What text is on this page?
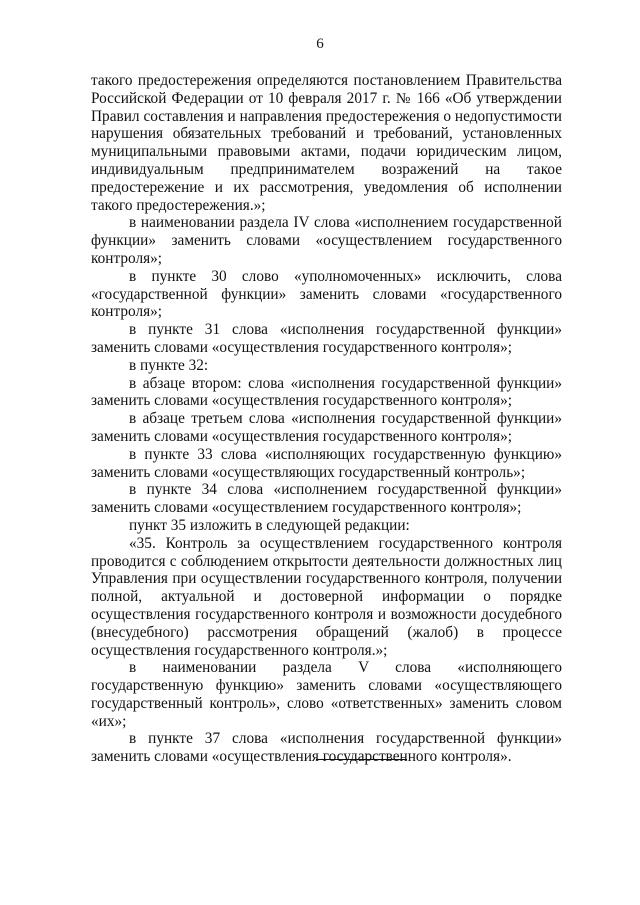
6

такого предостережения определяются постановлением Правительства Российской Федерации от 10 февраля 2017 г. № 166 «Об утверждении Правил составления и направления предостережения о недопустимости нарушения обязательных требований и требований, установленных муниципальными правовыми актами, подачи юридическим лицом, индивидуальным предпринимателем возражений на такое предостережение и их рассмотрения, уведомления об исполнении такого предостережения.»;

в наименовании раздела IV слова «исполнением государственной функции» заменить словами «осуществлением государственного контроля»;

в пункте 30 слово «уполномоченных» исключить, слова «государственной функции» заменить словами «государственного контроля»;

в пункте 31 слова «исполнения государственной функции» заменить словами «осуществления государственного контроля»;

в пункте 32:

в абзаце втором: слова «исполнения государственной функции» заменить словами «осуществления государственного контроля»;

в абзаце третьем слова «исполнения государственной функции» заменить словами «осуществления государственного контроля»;

в пункте 33 слова «исполняющих государственную функцию» заменить словами «осуществляющих государственный контроль»;

в пункте 34 слова «исполнением государственной функции» заменить словами «осуществлением государственного контроля»;

пункт 35 изложить в следующей редакции:

«35. Контроль за осуществлением государственного контроля проводится с соблюдением открытости деятельности должностных лиц Управления при осуществлении государственного контроля, получении полной, актуальной и достоверной информации о порядке осуществления государственного контроля и возможности досудебного (внесудебного) рассмотрения обращений (жалоб) в процессе осуществления государственного контроля.»;

в наименовании раздела V слова «исполняющего государственную функцию» заменить словами «осуществляющего государственный контроль», слово «ответственных» заменить словом «их»;

в пункте 37 слова «исполнения государственной функции» заменить словами «осуществления государственного контроля».
